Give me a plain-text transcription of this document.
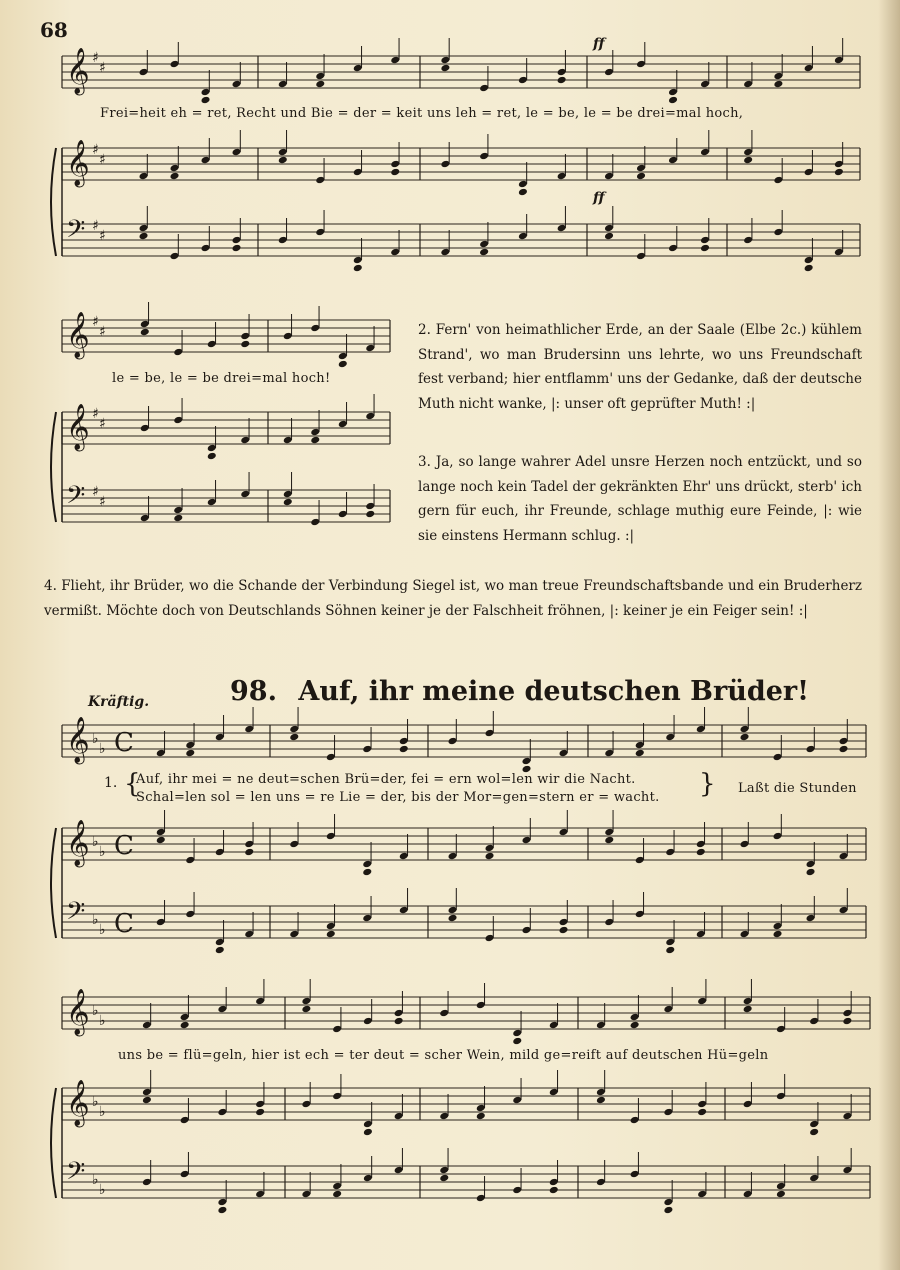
68
𝄞 ♯
♯
𝄞 ♯
♯
𝄢 ♯
♯
𝄞 ♯
♯
𝄞 ♯
♯
𝄢 ♯
♯
𝄞 ♭
♭ C
𝄞 ♭
♭ C
𝄢 ♭
♭ C
𝄞 ♭
♭
𝄞 ♭
♭
𝄢 ♭
♭
ff
ff
Frei=heit eh = ret, Recht und Bie = der = keit uns leh = ret, le = be, le = be drei=mal hoch,
le = be, le = be drei=mal hoch!

2. Fern' von heimathlicher Erde, an der Saale (Elbe 2c.) kühlem Strand', wo man Brudersinn uns lehrte, wo uns Freundschaft fest verband; hier entflamm' uns der Gedanke, daß der deutsche Muth nicht wanke, |: unser oft geprüfter Muth! :|

3. Ja, so lange wahrer Adel unsre Herzen noch entzückt, und so lange noch kein Tadel der gekränkten Ehr' uns drückt, sterb' ich gern für euch, ihr Freunde, schlage muthig eure Feinde, |: wie sie einstens Hermann schlug. :|

4. Flieht, ihr Brüder, wo die Schande der Verbindung Siegel ist, wo man treue Freundschaftsbande und ein Bruderherz vermißt. Möchte doch von Deutschlands Söhnen keiner je der Falschheit fröhnen, |: keiner je ein Feiger sein! :|

98. Auf, ihr meine deutschen Brüder!
Kräftig.
1. {
Auf, ihr mei = ne deut=schen Brü=der, fei = ern wol=len wir die Nacht.
Schal=len sol = len uns = re Lie = der, bis der Mor=gen=stern er = wacht. } Laßt die Stunden
uns be = flü=geln, hier ist ech = ter deut = scher Wein, mild ge=reift auf deutschen Hü=geln
